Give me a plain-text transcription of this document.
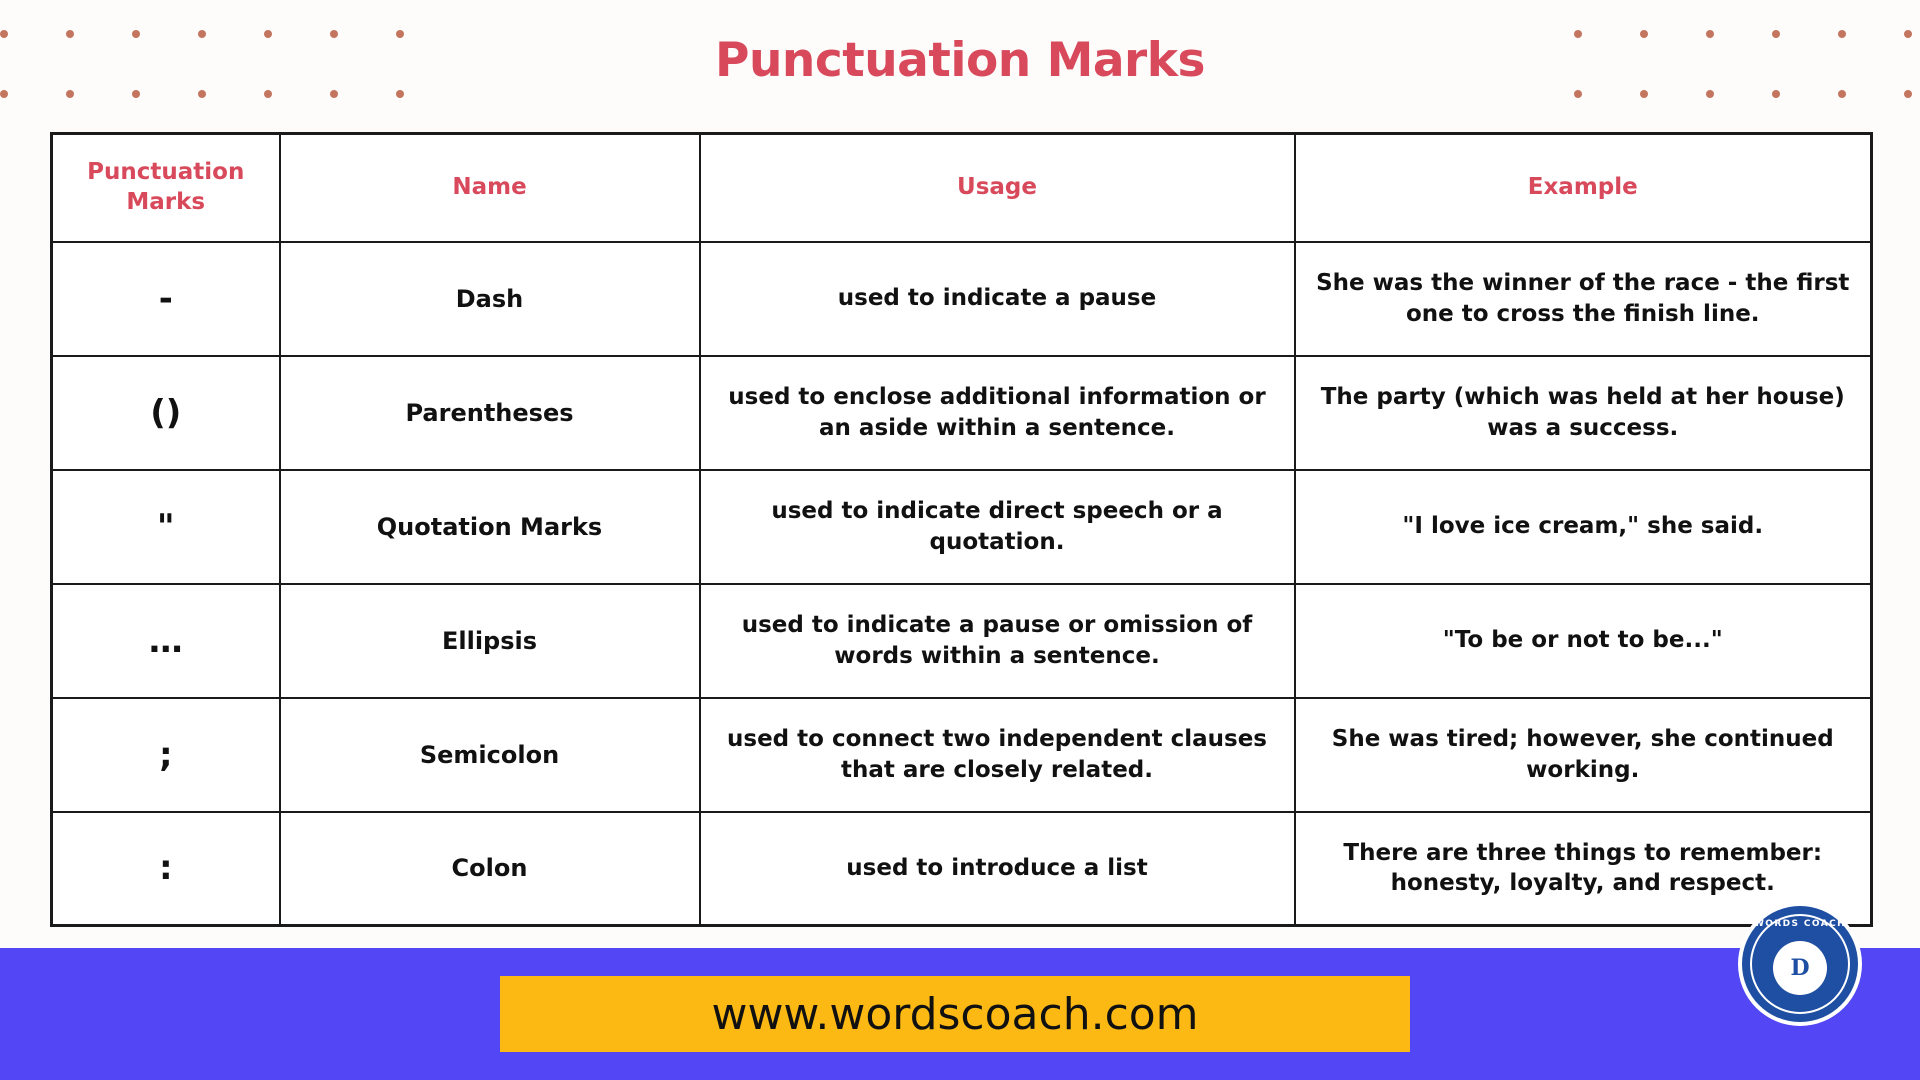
Punctuation Marks
Punctuation Marks	Name	Usage	Example
-	Dash	used to indicate a pause	She was the winner of the race - the first one to cross the finish line.
()	Parentheses	used to enclose additional information or an aside within a sentence.	The party (which was held at her house) was a success.
"	Quotation Marks	used to indicate direct speech or a quotation.	"I love ice cream," she said.
…	Ellipsis	used to indicate a pause or omission of words within a sentence.	"To be or not to be..."
;	Semicolon	used to connect two independent clauses that are closely related.	She was tired; however, she continued working.
:	Colon	used to introduce a list	There are three things to remember: honesty, loyalty, and respect.
www.wordscoach.com
WORDS COACH
D
